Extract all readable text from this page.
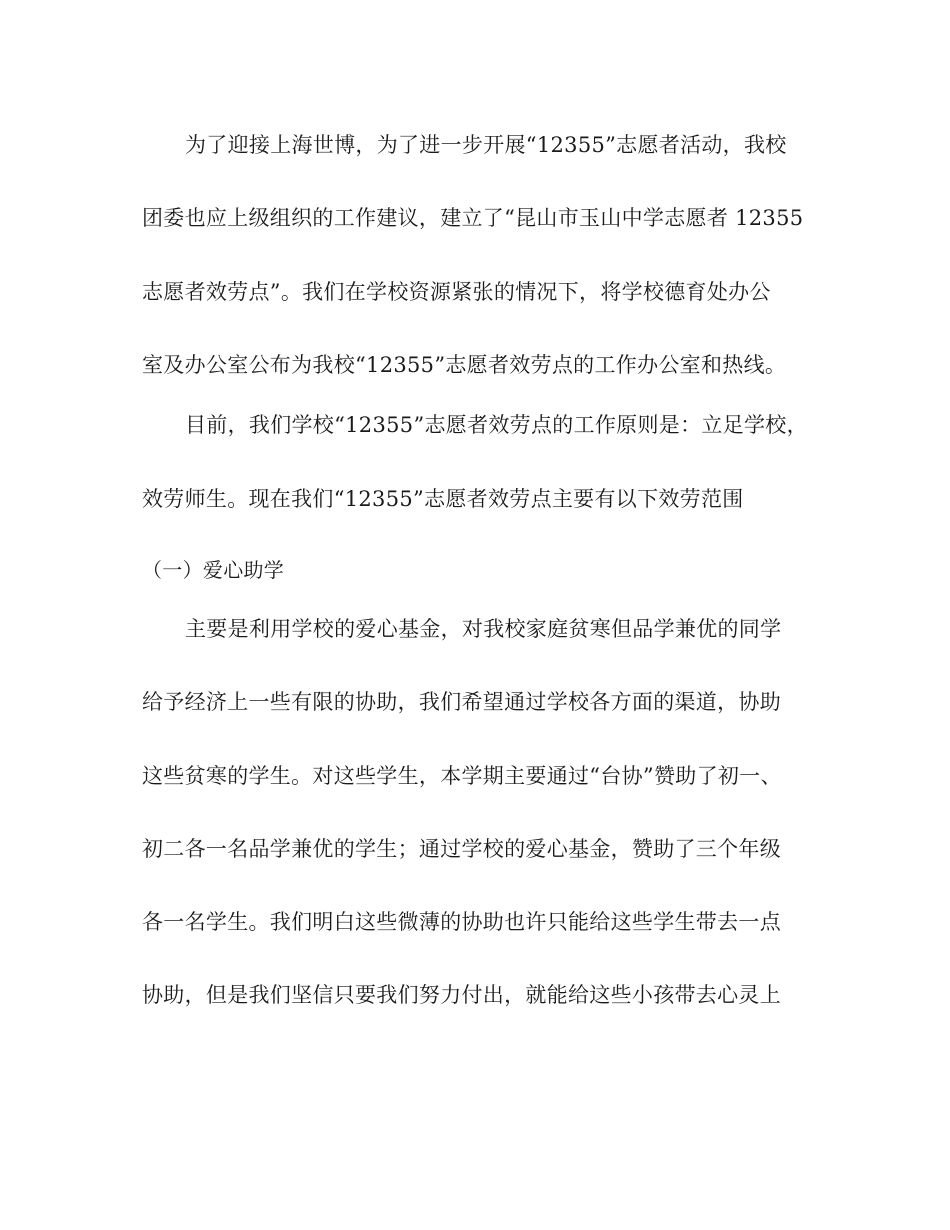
为了迎接上海世博，为了进一步开展“12355”志愿者活动，我校
团委也应上级组织的工作建议，建立了“昆山市玉山中学志愿者 12355
志愿者效劳点”。我们在学校资源紧张的情况下，将学校德育处办公
室及办公室公布为我校“12355”志愿者效劳点的工作办公室和热线。
目前，我们学校“12355”志愿者效劳点的工作原则是：立足学校，
效劳师生。现在我们“12355”志愿者效劳点主要有以下效劳范围
（一）爱心助学
主要是利用学校的爱心基金，对我校家庭贫寒但品学兼优的同学
给予经济上一些有限的协助，我们希望通过学校各方面的渠道，协助
这些贫寒的学生。对这些学生，本学期主要通过“台协”赞助了初一、
初二各一名品学兼优的学生；通过学校的爱心基金，赞助了三个年级
各一名学生。我们明白这些微薄的协助也许只能给这些学生带去一点
协助，但是我们坚信只要我们努力付出，就能给这些小孩带去心灵上
